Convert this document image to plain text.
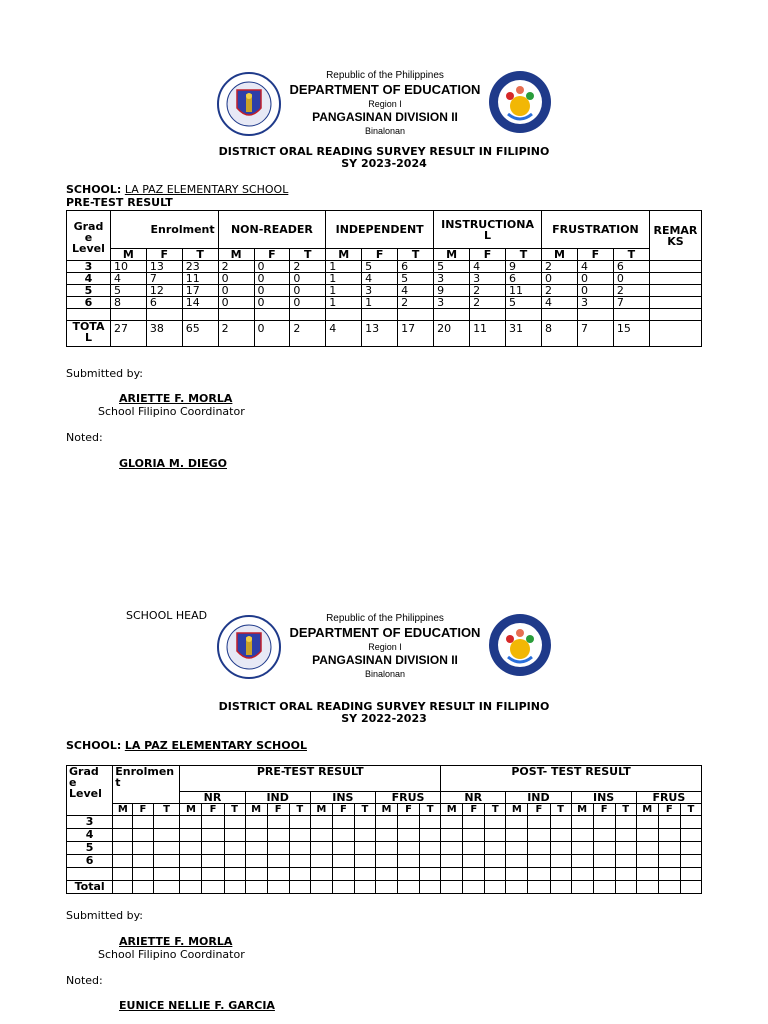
Republic of the Philippines
DEPARTMENT OF EDUCATION
Region I
PANGASINAN DIVISION II
Binalonan
DISTRICT ORAL READING SURVEY RESULT IN FILIPINO
SY 2023-2024
SCHOOL: LA PAZ ELEMENTARY SCHOOL
PRE-TEST RESULT
Grad
e
Level	Enrolment			NON-READER			INDEPENDENT			INSTRUCTIONA
L			FRUSTRATION			REMAR
KS
	M	F	T	M	F	T	M	F	T	M	F	T	M	F	T	
3	10	13	23	2	0	2	1	5	6	5	4	9	2	4	6	
4	4	7	11	0	0	0	1	4	5	3	3	6	0	0	0	
5	5	12	17	0	0	0	1	3	4	9	2	11	2	0	2	
6	8	6	14	0	0	0	1	1	2	3	2	5	4	3	7	

TOTA
L	27	38	65	2	0	2	4	13	17	20	11	31	8	7	15	
Submitted by:
ARIETTE F. MORLA
School Filipino Coordinator
Noted:
GLORIA M. DIEGO
SCHOOL HEAD	Republic of the Philippines
DEPARTMENT OF EDUCATION
Region I
PANGASINAN DIVISION II
Binalonan
DISTRICT ORAL READING SURVEY RESULT IN FILIPINO
SY 2022-2023
SCHOOL: LA PAZ ELEMENTARY SCHOOL
Grad
e
Level	Enrolmen
t			PRE-TEST RESULT												POST- TEST RESULT											
				NR			IND			INS			FRUS			NR			IND			INS			FRUS		
	M	F	T	M	F	T	M	F	T	M	F	T	M	F	T	M	F	T	M	F	T	M	F	T	M	F	T
3																											
4																											
5																											
6																											

Total																											
Submitted by:
ARIETTE F. MORLA
School Filipino Coordinator
Noted:
EUNICE NELLIE F. GARCIA
